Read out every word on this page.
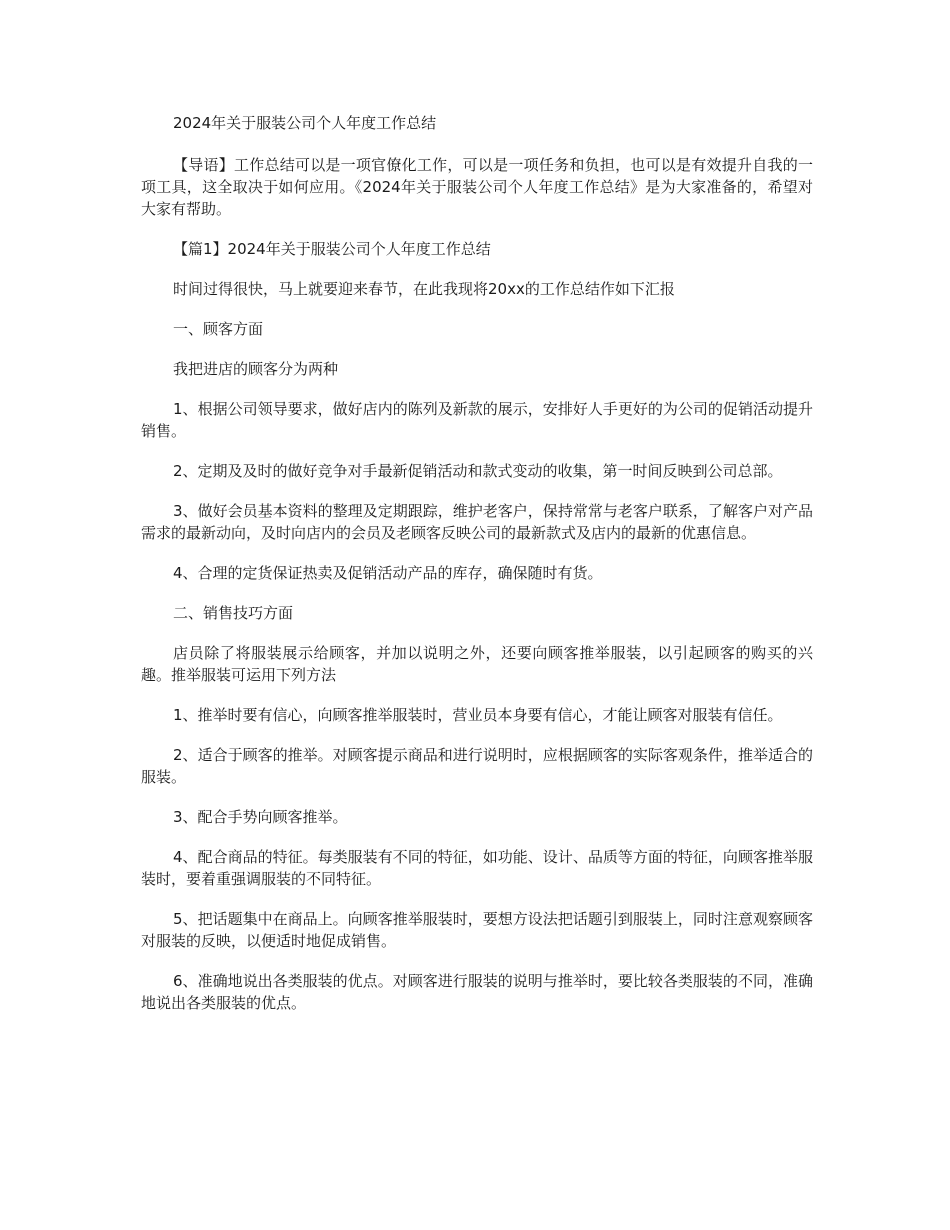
2024年关于服装公司个人年度工作总结

【导语】工作总结可以是一项官僚化工作，可以是一项任务和负担，也可以是有效提升自我的一项工具，这全取决于如何应用。《2024年关于服装公司个人年度工作总结》是为大家准备的，希望对大家有帮助。

【篇1】2024年关于服装公司个人年度工作总结

时间过得很快，马上就要迎来春节，在此我现将20xx的工作总结作如下汇报

一、顾客方面

我把进店的顾客分为两种

1、根据公司领导要求，做好店内的陈列及新款的展示，安排好人手更好的为公司的促销活动提升销售。

2、定期及及时的做好竞争对手最新促销活动和款式变动的收集，第一时间反映到公司总部。

3、做好会员基本资料的整理及定期跟踪，维护老客户，保持常常与老客户联系，了解客户对产品需求的最新动向，及时向店内的会员及老顾客反映公司的最新款式及店内的最新的优惠信息。

4、合理的定货保证热卖及促销活动产品的库存，确保随时有货。

二、销售技巧方面

店员除了将服装展示给顾客，并加以说明之外，还要向顾客推举服装，以引起顾客的购买的兴趣。推举服装可运用下列方法

1、推举时要有信心，向顾客推举服装时，营业员本身要有信心，才能让顾客对服装有信任。

2、适合于顾客的推举。对顾客提示商品和进行说明时，应根据顾客的实际客观条件，推举适合的服装。

3、配合手势向顾客推举。

4、配合商品的特征。每类服装有不同的特征，如功能、设计、品质等方面的特征，向顾客推举服装时，要着重强调服装的不同特征。

5、把话题集中在商品上。向顾客推举服装时，要想方设法把话题引到服装上，同时注意观察顾客对服装的反映，以便适时地促成销售。

6、准确地说出各类服装的优点。对顾客进行服装的说明与推举时，要比较各类服装的不同，准确地说出各类服装的优点。
